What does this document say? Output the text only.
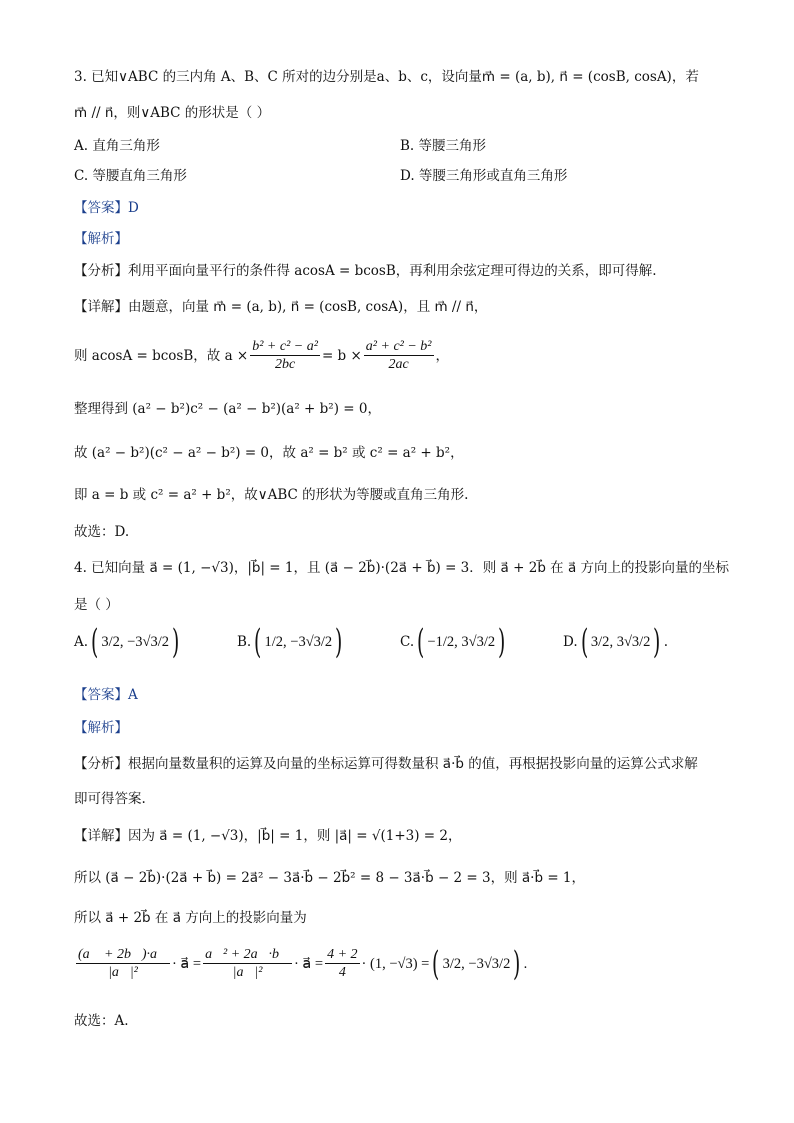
3. 已知∨ABC 的三内角 A、B、C 所对的边分别是a、b、c，设向量m⃗ = (a, b), n⃗ = (cosB, cosA)，若
m⃗ // n⃗，则∨ABC 的形状是（ ）
A. 直角三角形	B. 等腰三角形
C. 等腰直角三角形	D. 等腰三角形或直角三角形
【答案】D
【解析】
【分析】利用平面向量平行的条件得 acosA = bcosB，再利用余弦定理可得边的关系，即可得解.
【详解】由题意，向量 m⃗ = (a, b), n⃗ = (cosB, cosA)，且 m⃗ // n⃗，
则 acosA = bcosB，故 $a \times \frac{\text{b² + c² − a²}}{2bc} = b \times \frac{\text{a² + c² − b²}}{2ac}$ ，
整理得到 (a² − b²)c² − (a² − b²)(a² + b²) = 0，
故 (a² − b²)(c² − a² − b²) = 0，故 a² = b² 或 c² = a² + b²，
即 a = b 或 c² = a² + b²，故∨ABC 的形状为等腰或直角三角形.
故选：D.
4. 已知向量 a⃗ = (1, −√3)，|b⃗| = 1，且 (a⃗ − 2b⃗)·(2a⃗ + b⃗) = 3．则 a⃗ + 2b⃗ 在 a⃗ 方向上的投影向量的坐标
是（ ）
A. ( 3/2 , −3√3/2 )	B. ( 1/2 , −3√3/2 )	C. ( −1/2 , 3√3/2 )	D. ( 3/2 , 3√3/2 ) .
【答案】A
【解析】
【分析】根据向量数量积的运算及向量的坐标运算可得数量积 a⃗·b⃗ 的值，再根据投影向量的运算公式求解
即可得答案.
【详解】因为 a⃗ = (1, −√3)，|b⃗| = 1，则 |a⃗| = √(1+3) = 2，
所以 (a⃗ − 2b⃗)·(2a⃗ + b⃗) = 2a⃗² − 3a⃗·b⃗ − 2b⃗² = 8 − 3a⃗·b⃗ − 2 = 3，则 a⃗·b⃗ = 1，
所以 a⃗ + 2b⃗ 在 a⃗ 方向上的投影向量为
$\frac{(a⃗ + 2b⃗)\cdot a⃗}{\text{|a⃗|²}}$ · a⃗ = $\frac{\text{a⃗² + 2a⃗·b⃗}}{\text{|a⃗|²}}$ · a⃗ = $\frac{4 + 2}{4} \cdot (1$, −√3) = ( 3/2 , −3√3/2 ) .
故选：A.
